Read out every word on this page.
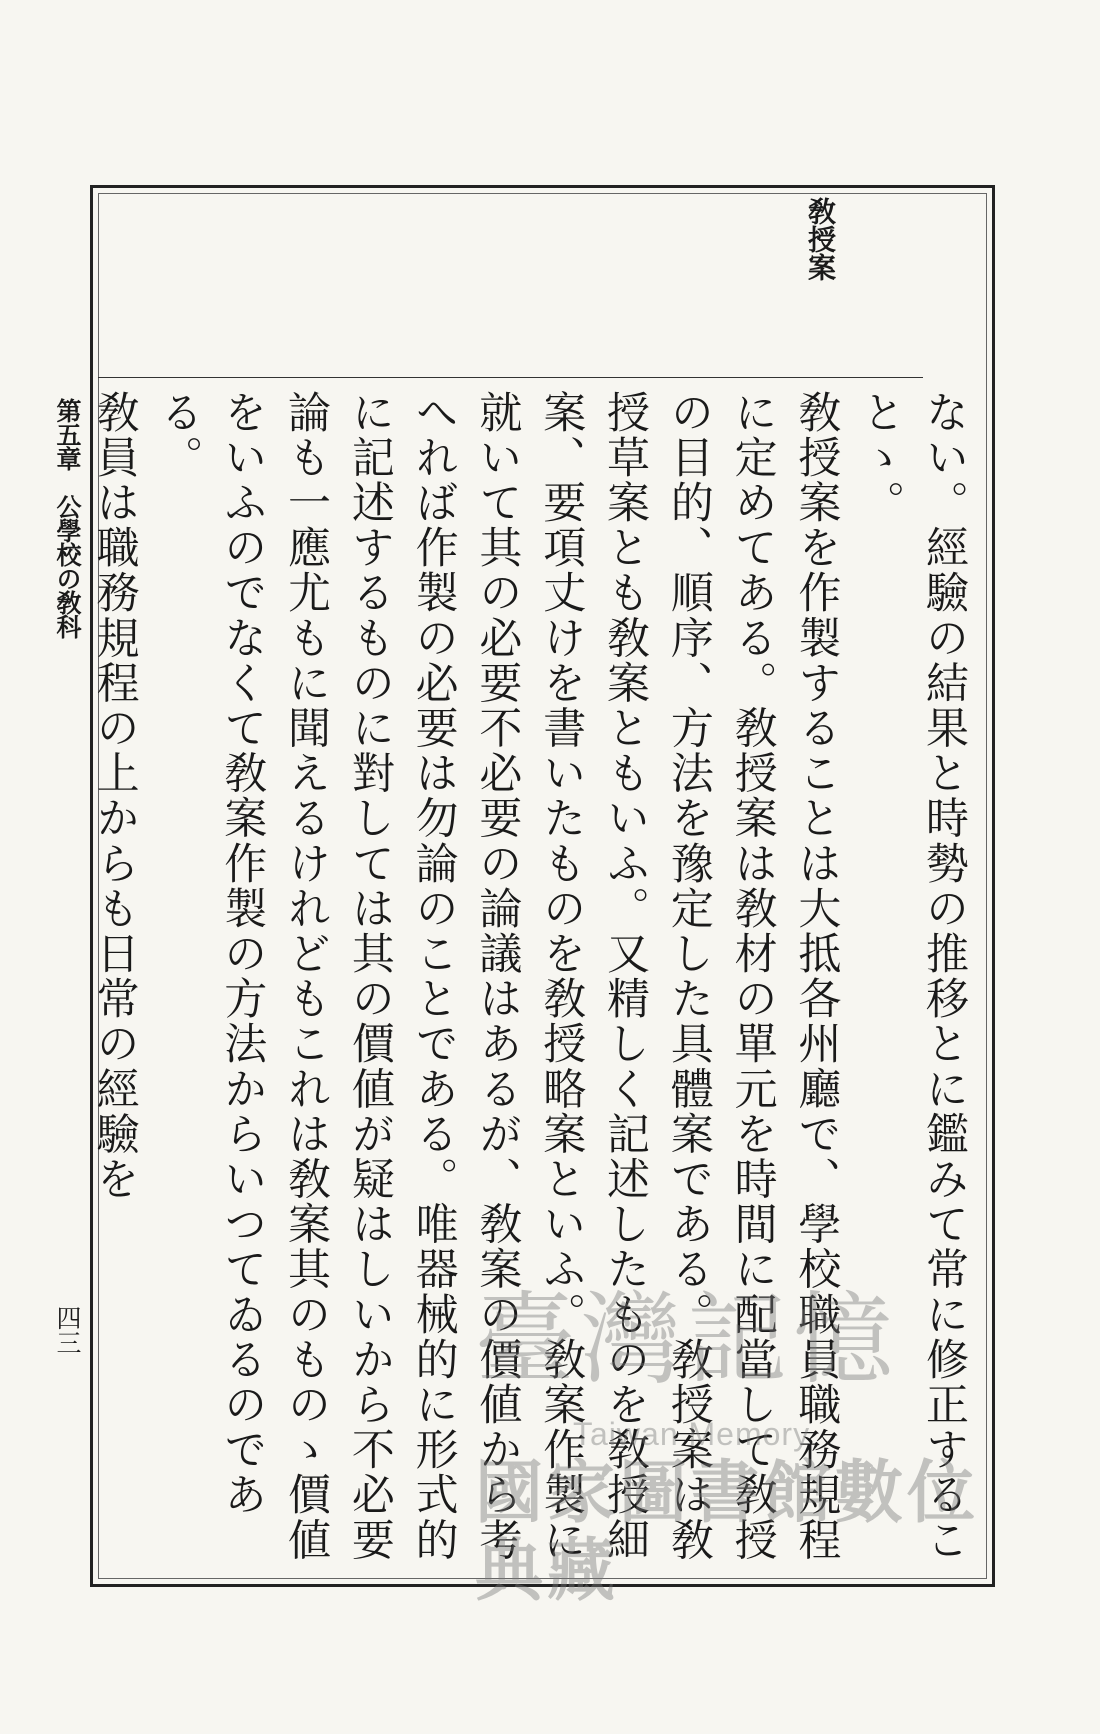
敎授案

ない。經驗の結果と時勢の推移とに鑑みて常に修正することゝ。

敎授案を作製することは大抵各州廳で、學校職員職務規程に定めてある。敎授案は敎材の單元を時間に配當して敎授の目的、順序、方法を豫定した具體案である。敎授案は敎授草案とも敎案ともいふ。又精しく記述したものを敎授細案、要項丈けを書いたものを敎授略案といふ。敎案作製に就いて其の必要不必要の論議はあるが、敎案の價値から考へれば作製の必要は勿論のことである。唯器械的に形式的に記述するものに對しては其の價値が疑はしいから不必要論も一應尤もに聞えるけれどもこれは敎案其のものゝ價値をいふのでなくて敎案作製の方法からいつてゐるのである。

敎員は職務規程の上からも日常の經驗を

第五章　公學校の敎科
四三	臺灣記憶
Taiwan Memory
國家圖書館數位典藏
